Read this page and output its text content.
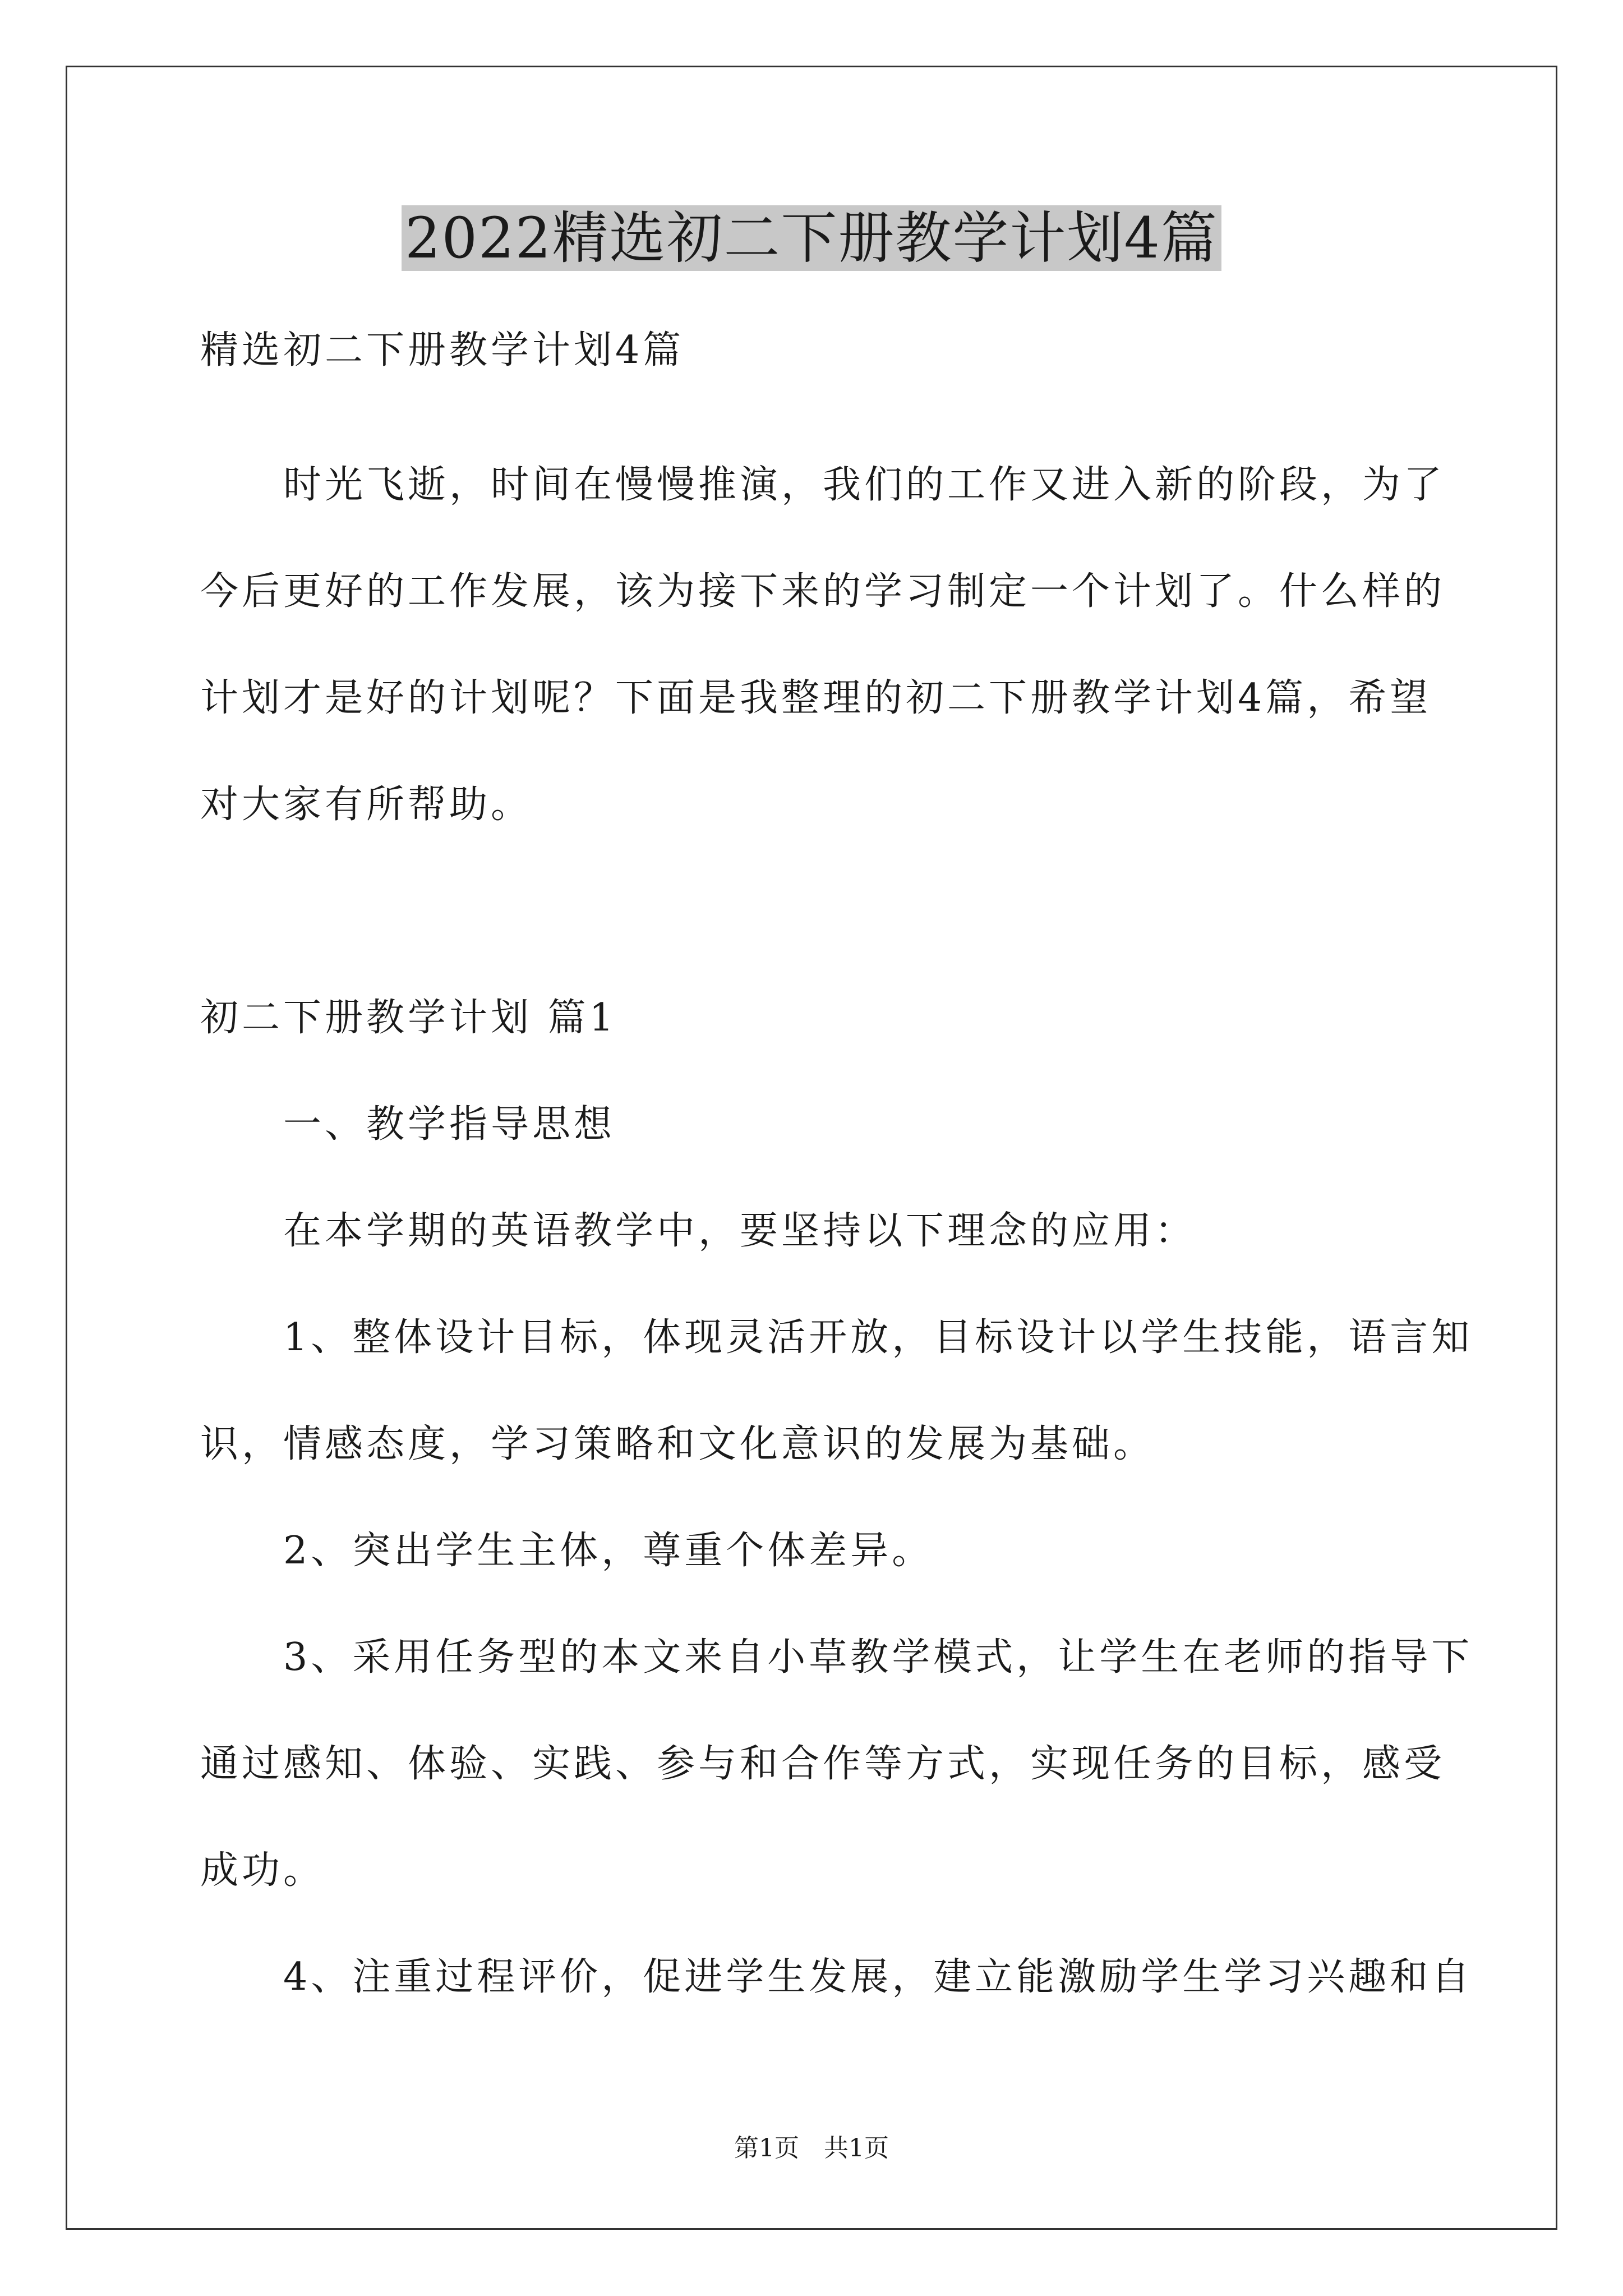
2022精选初二下册教学计划4篇
精选初二下册教学计划4篇
　　时光飞逝，时间在慢慢推演，我们的工作又进入新的阶段，为了
今后更好的工作发展，该为接下来的学习制定一个计划了。什么样的
计划才是好的计划呢？下面是我整理的初二下册教学计划4篇，希望
对大家有所帮助。
初二下册教学计划 篇1
　　一、教学指导思想
　　在本学期的英语教学中，要坚持以下理念的应用：
　　1、整体设计目标，体现灵活开放，目标设计以学生技能，语言知
识，情感态度，学习策略和文化意识的发展为基础。
　　2、突出学生主体，尊重个体差异。
　　3、采用任务型的本文来自小草教学模式，让学生在老师的指导下
通过感知、体验、实践、参与和合作等方式，实现任务的目标，感受
成功。
　　4、注重过程评价，促进学生发展，建立能激励学生学习兴趣和自
第1页　共1页
